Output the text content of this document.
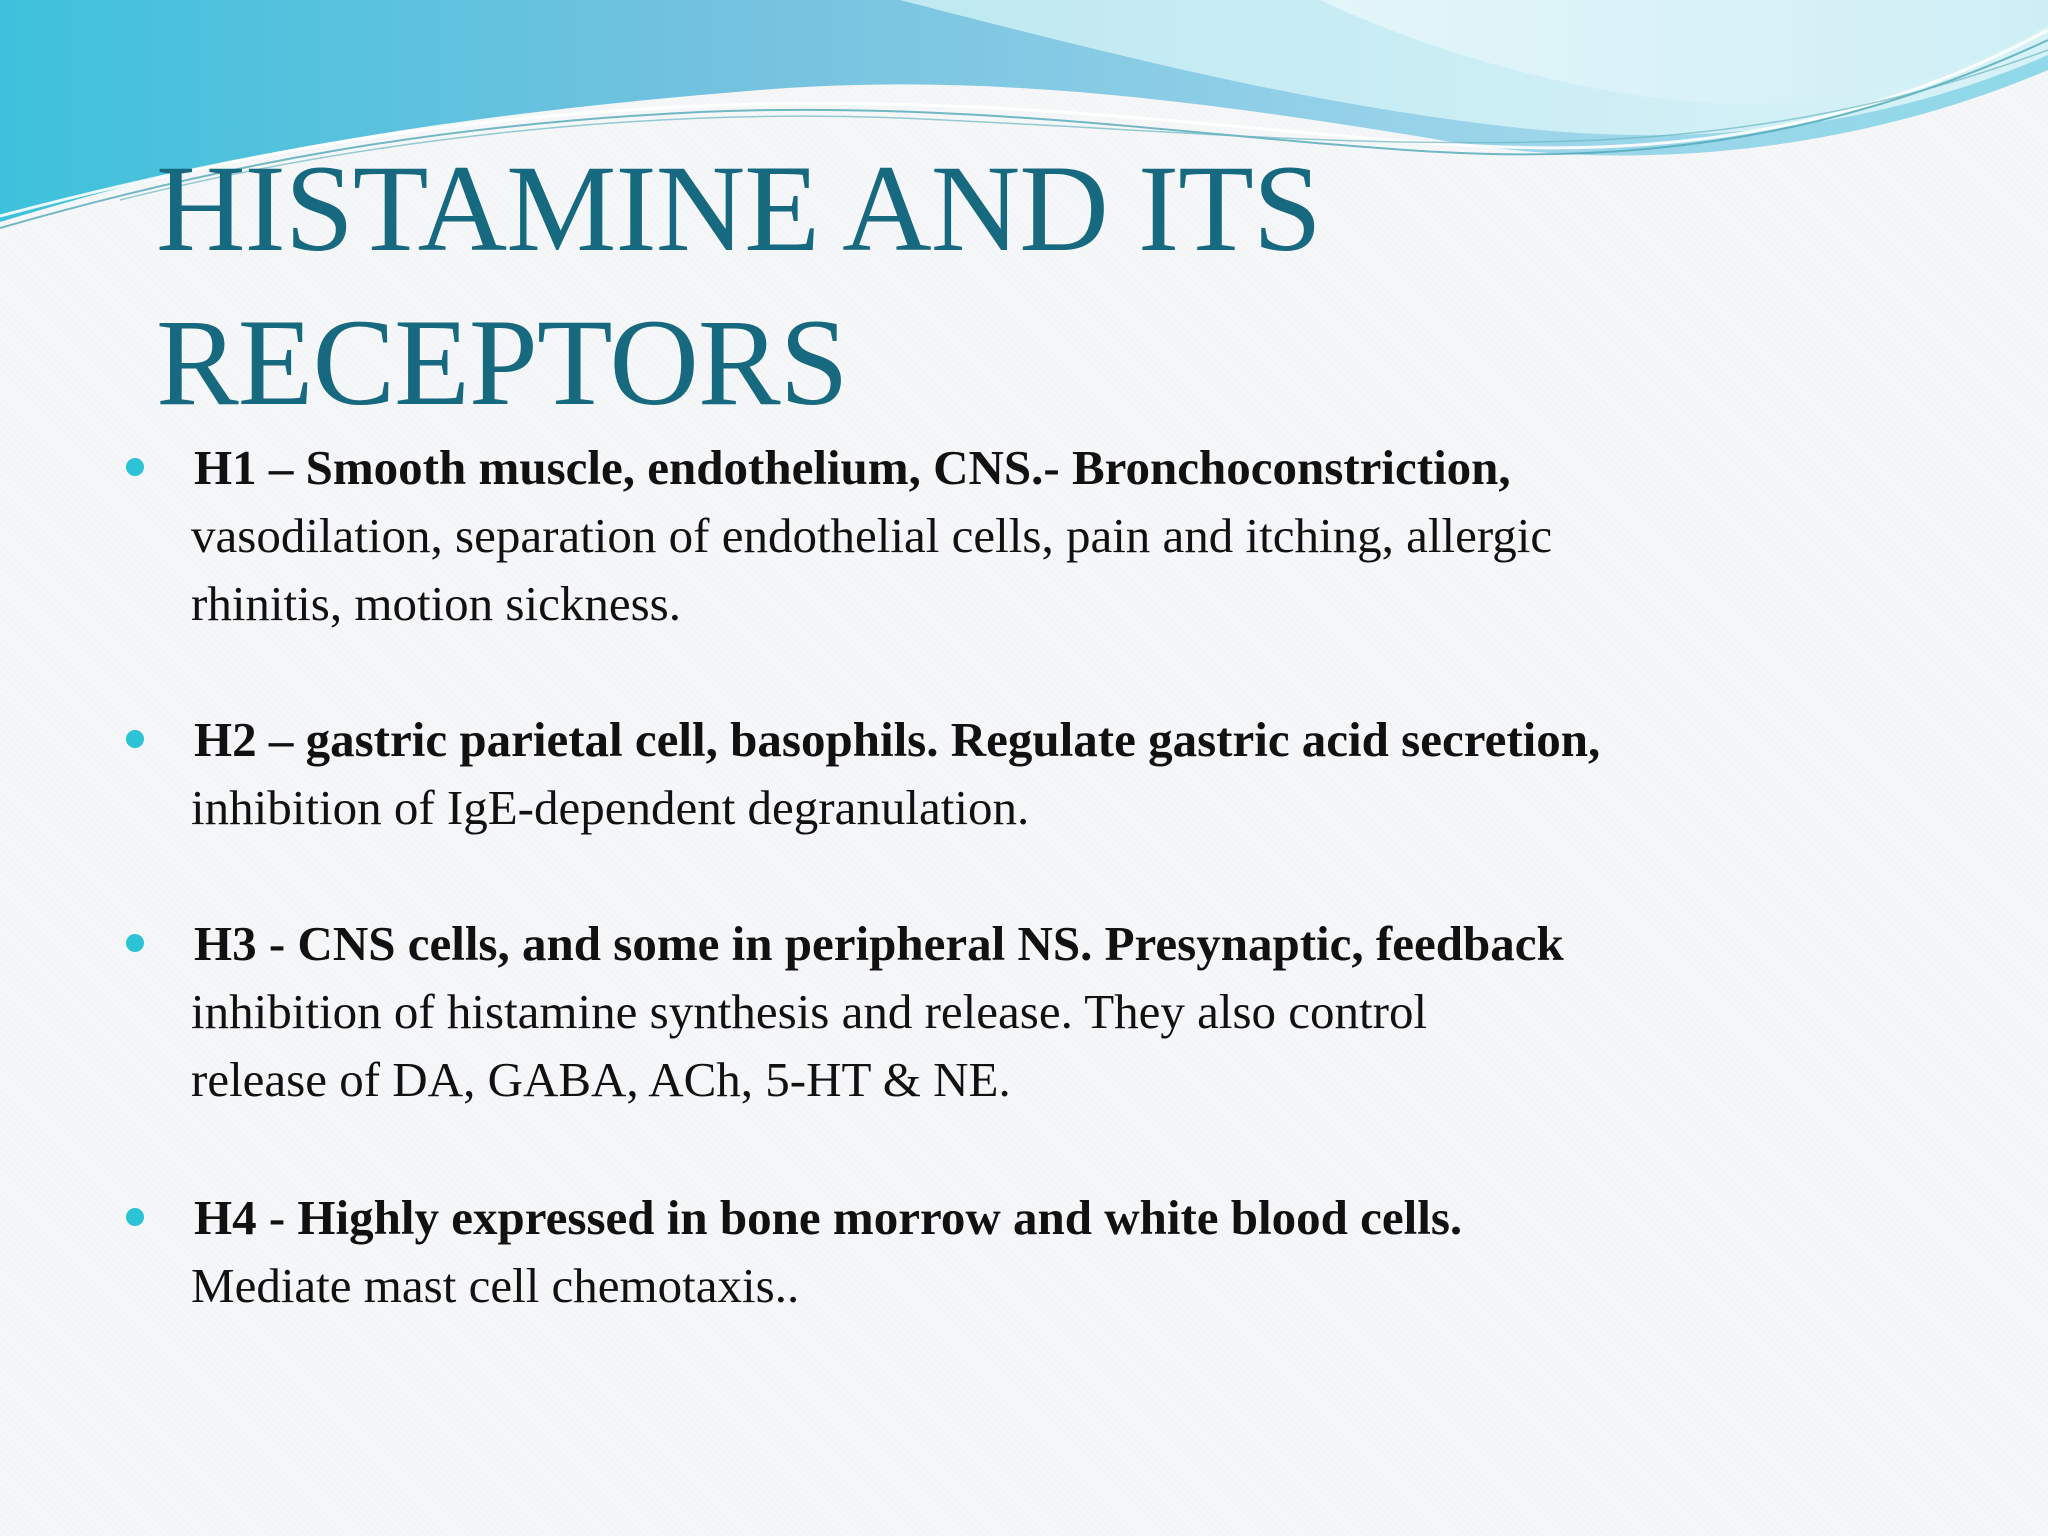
HISTAMINE AND ITS RECEPTORS
H1 – Smooth muscle, endothelium, CNS.- Bronchoconstriction,
vasodilation, separation of endothelial cells, pain and itching, allergic
rhinitis, motion sickness.
H2 – gastric parietal cell, basophils. Regulate gastric acid secretion,
inhibition of IgE-dependent degranulation.
H3 - CNS cells, and some in peripheral NS. Presynaptic, feedback
inhibition of histamine synthesis and release. They also control
release of DA, GABA, ACh, 5-HT & NE.
H4 - Highly expressed in bone morrow and white blood cells.
Mediate mast cell chemotaxis..
